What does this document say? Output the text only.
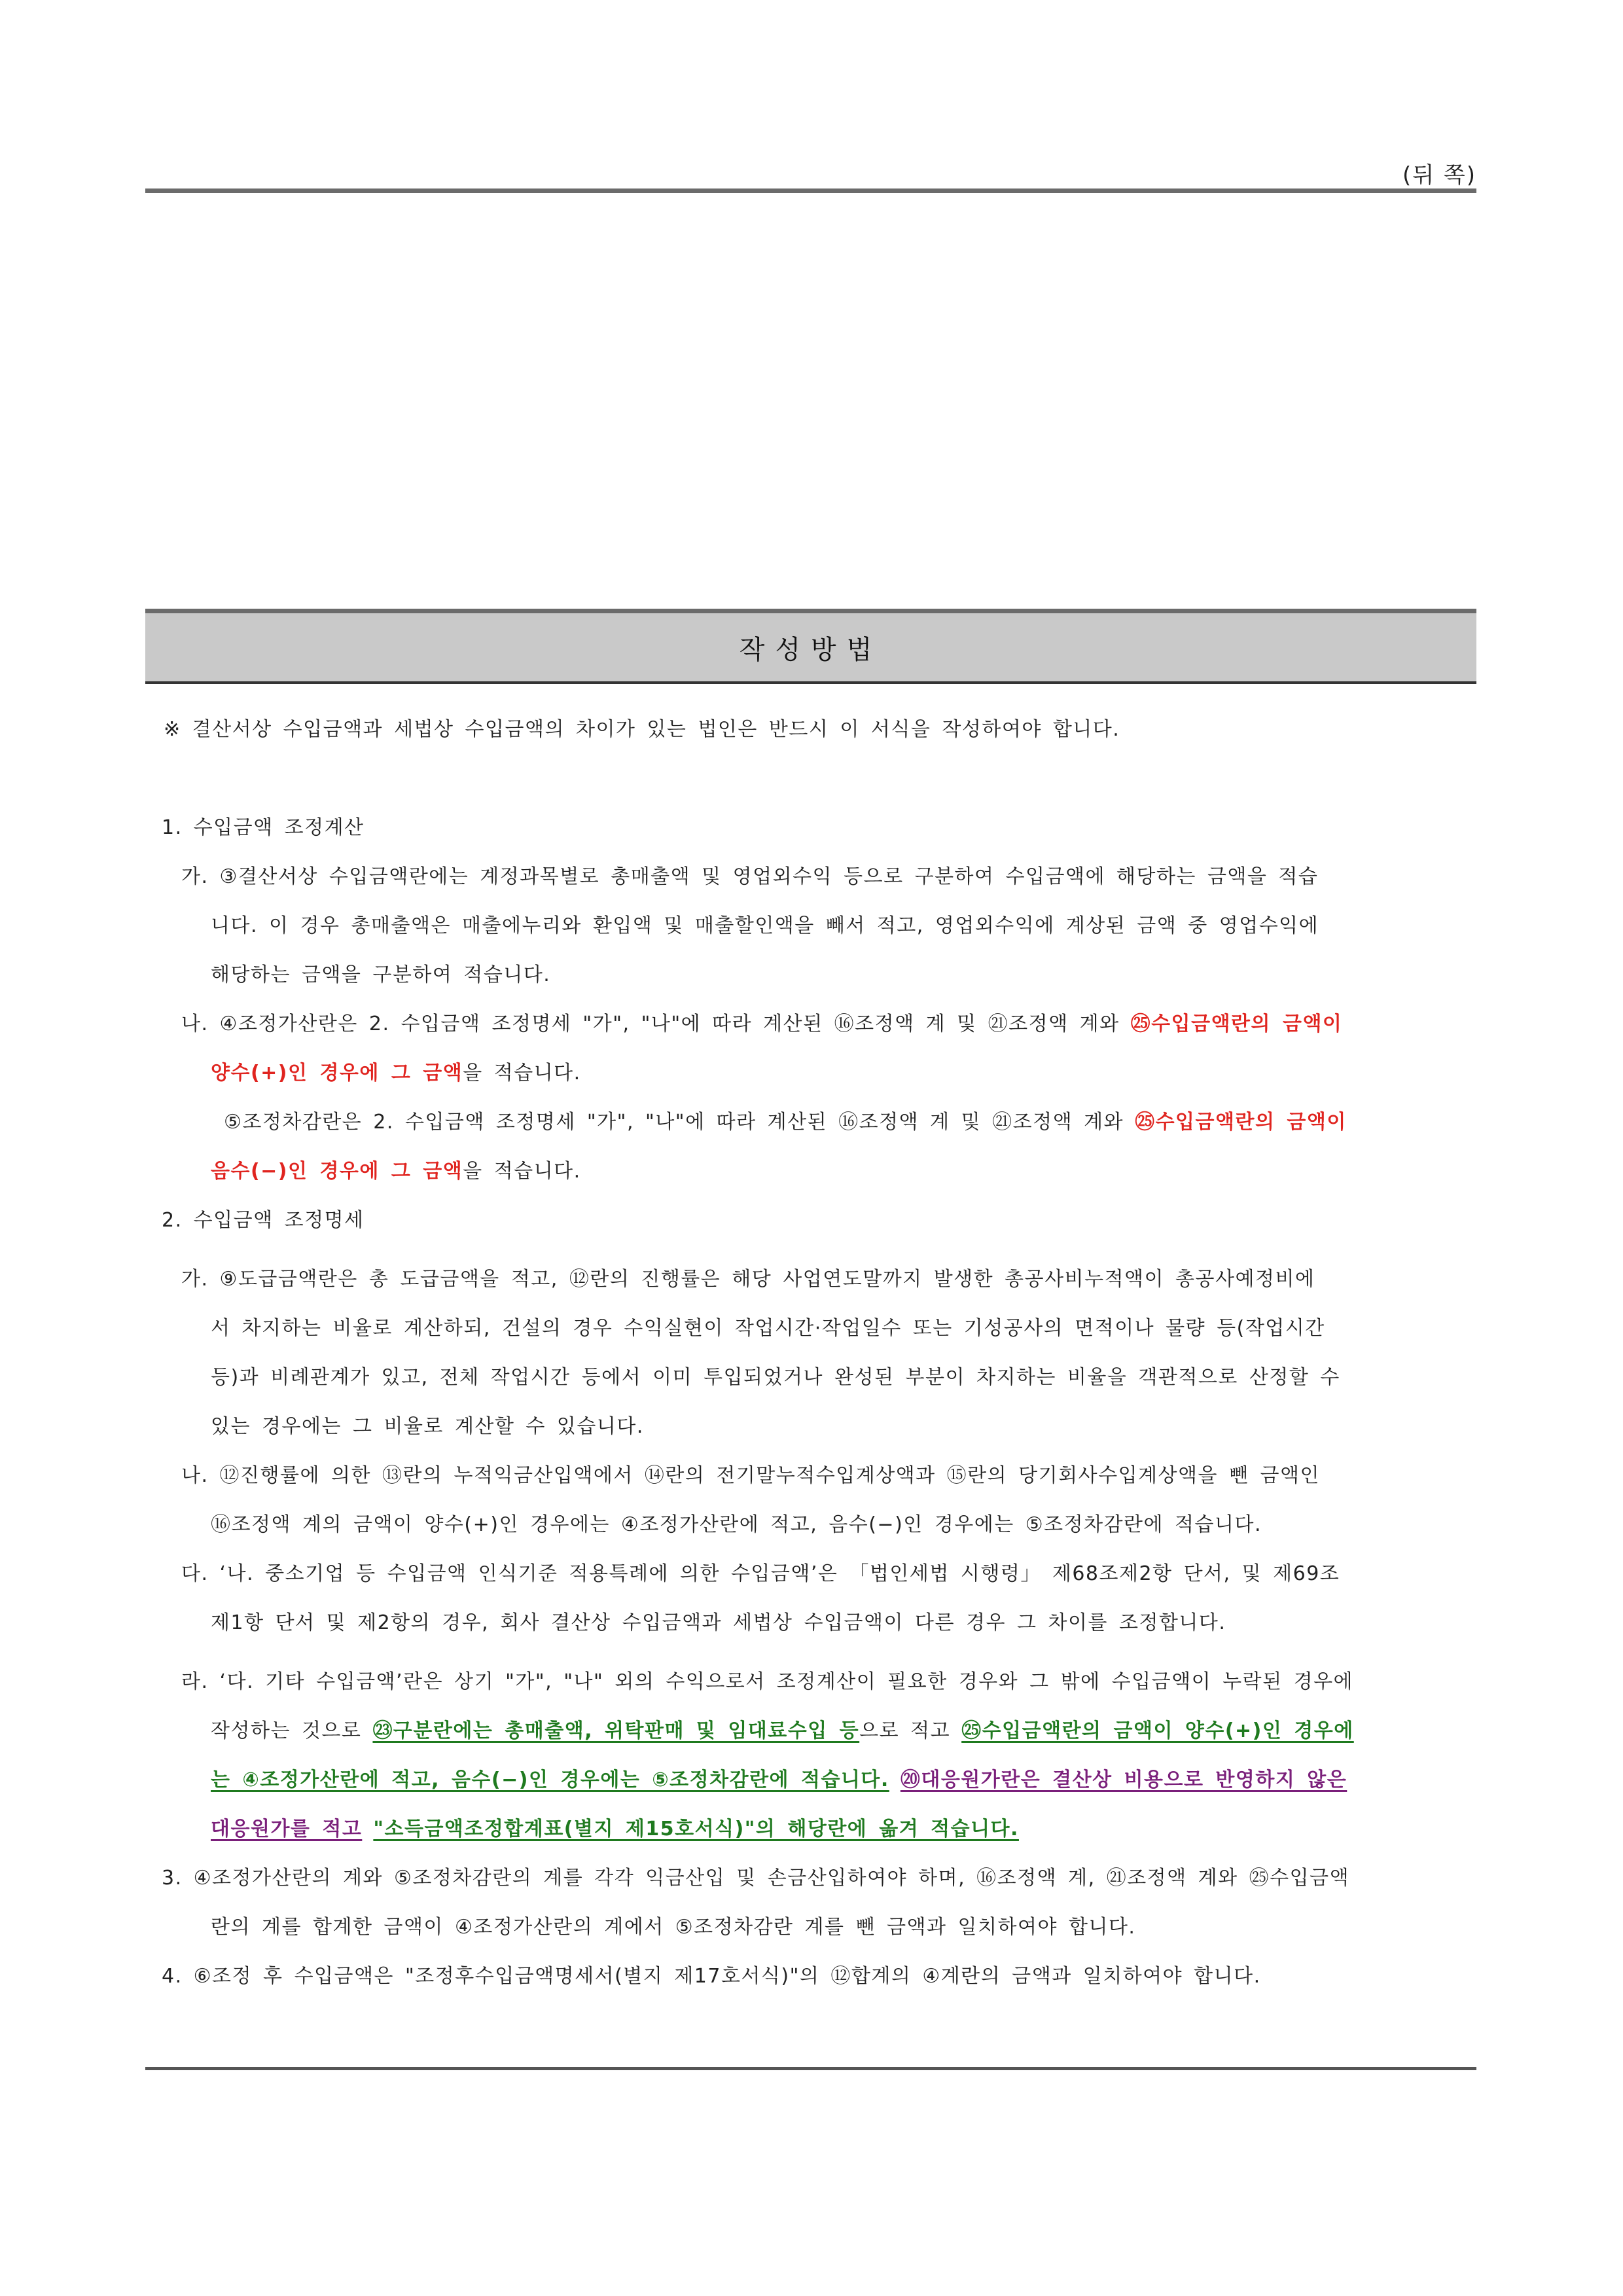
(뒤 쪽)
작성방법
※ 결산서상 수입금액과 세법상 수입금액의 차이가 있는 법인은 반드시 이 서식을 작성하여야 합니다.
1. 수입금액 조정계산
가. ③결산서상 수입금액란에는 계정과목별로 총매출액 및 영업외수익 등으로 구분하여 수입금액에 해당하는 금액을 적습
니다. 이 경우 총매출액은 매출에누리와 환입액 및 매출할인액을 빼서 적고, 영업외수익에 계상된 금액 중 영업수익에
해당하는 금액을 구분하여 적습니다.
나. ④조정가산란은 2. 수입금액 조정명세 "가", "나"에 따라 계산된 ⑯조정액 계 및 ㉑조정액 계와 ㉕수입금액란의 금액이
양수(+)인 경우에 그 금액을 적습니다.
⑤조정차감란은 2. 수입금액 조정명세 "가", "나"에 따라 계산된 ⑯조정액 계 및 ㉑조정액 계와 ㉕수입금액란의 금액이
음수(−)인 경우에 그 금액을 적습니다.
2. 수입금액 조정명세
가. ⑨도급금액란은 총 도급금액을 적고, ⑫란의 진행률은 해당 사업연도말까지 발생한 총공사비누적액이 총공사예정비에
서 차지하는 비율로 계산하되, 건설의 경우 수익실현이 작업시간·작업일수 또는 기성공사의 면적이나 물량 등(작업시간
등)과 비례관계가 있고, 전체 작업시간 등에서 이미 투입되었거나 완성된 부분이 차지하는 비율을 객관적으로 산정할 수
있는 경우에는 그 비율로 계산할 수 있습니다.
나. ⑫진행률에 의한 ⑬란의 누적익금산입액에서 ⑭란의 전기말누적수입계상액과 ⑮란의 당기회사수입계상액을 뺀 금액인
⑯조정액 계의 금액이 양수(+)인 경우에는 ④조정가산란에 적고, 음수(−)인 경우에는 ⑤조정차감란에 적습니다.
다. ‘나. 중소기업 등 수입금액 인식기준 적용특례에 의한 수입금액’은 「법인세법 시행령」 제68조제2항 단서, 및 제69조
제1항 단서 및 제2항의 경우, 회사 결산상 수입금액과 세법상 수입금액이 다른 경우 그 차이를 조정합니다.
라. ‘다. 기타 수입금액’란은 상기 "가", "나" 외의 수익으로서 조정계산이 필요한 경우와 그 밖에 수입금액이 누락된 경우에
작성하는 것으로 ㉓구분란에는 총매출액, 위탁판매 및 임대료수입 등으로 적고 ㉕수입금액란의 금액이 양수(+)인 경우에
는 ④조정가산란에 적고, 음수(−)인 경우에는 ⑤조정차감란에 적습니다. ⑳대응원가란은 결산상 비용으로 반영하지 않은
대응원가를 적고 "소득금액조정합계표(별지 제15호서식)"의 해당란에 옮겨 적습니다.
3. ④조정가산란의 계와 ⑤조정차감란의 계를 각각 익금산입 및 손금산입하여야 하며, ⑯조정액 계, ㉑조정액 계와 ㉕수입금액
란의 계를 합계한 금액이 ④조정가산란의 계에서 ⑤조정차감란 계를 뺀 금액과 일치하여야 합니다.
4. ⑥조정 후 수입금액은 "조정후수입금액명세서(별지 제17호서식)"의 ⑫합계의 ④계란의 금액과 일치하여야 합니다.
